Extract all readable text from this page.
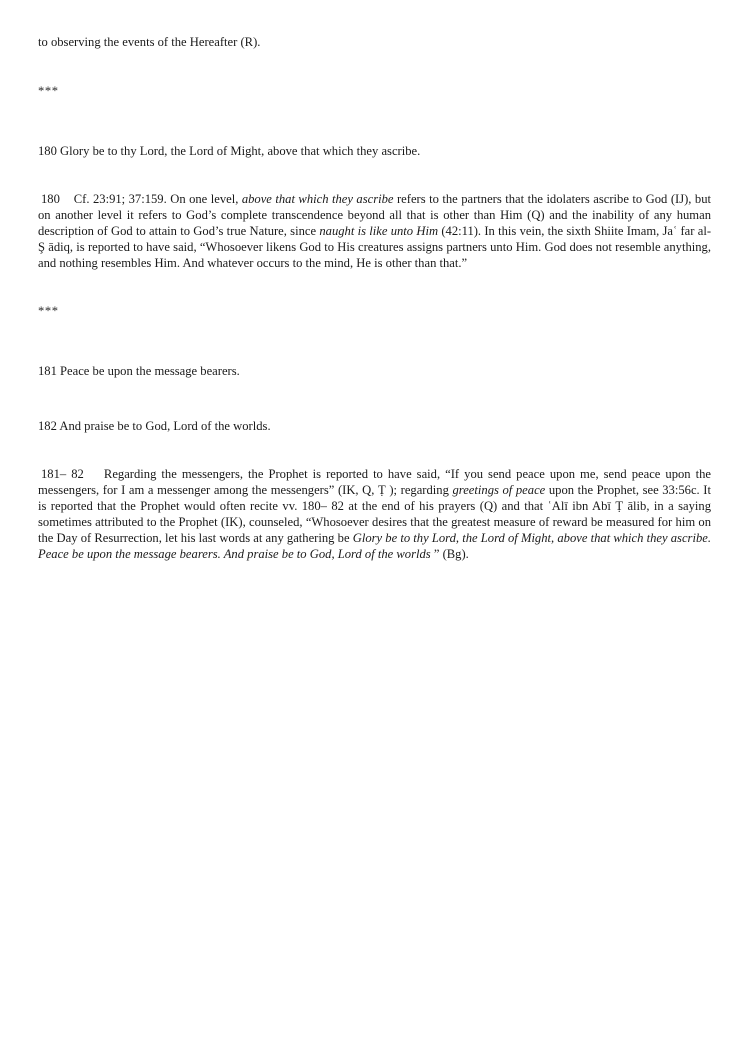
to observing the events of the Hereafter (R).

***

180 Glory be to thy Lord, the Lord of Might, above that which they ascribe.

180 Cf. 23:91; 37:159. On one level, above that which they ascribe refers to the partners that the idolaters ascribe to God (IJ), but on another level it refers to God’s complete transcendence beyond all that is other than Him (Q) and the inability of any human description of God to attain to God’s true Nature, since naught is like unto Him (42:11). In this vein, the sixth Shiite Imam, Jaʿ far al-Ş ādiq, is reported to have said, “Whosoever likens God to His creatures assigns partners unto Him. God does not resemble anything, and nothing resembles Him. And whatever occurs to the mind, He is other than that.”

***

181 Peace be upon the message bearers.

182 And praise be to God, Lord of the worlds.

181– 82 Regarding the messengers, the Prophet is reported to have said, “If you send peace upon me, send peace upon the messengers, for I am a messenger among the messengers” (IK, Q, Ṭ ); regarding greetings of peace upon the Prophet, see 33:56c. It is reported that the Prophet would often recite vv. 180– 82 at the end of his prayers (Q) and that ʿAlī ibn Abī Ṭ ālib, in a saying sometimes attributed to the Prophet (IK), counseled, “Whosoever desires that the greatest measure of reward be measured for him on the Day of Resurrection, let his last words at any gathering be Glory be to thy Lord, the Lord of Might, above that which they ascribe. Peace be upon the message bearers. And praise be to God, Lord of the worlds ” (Bg).
